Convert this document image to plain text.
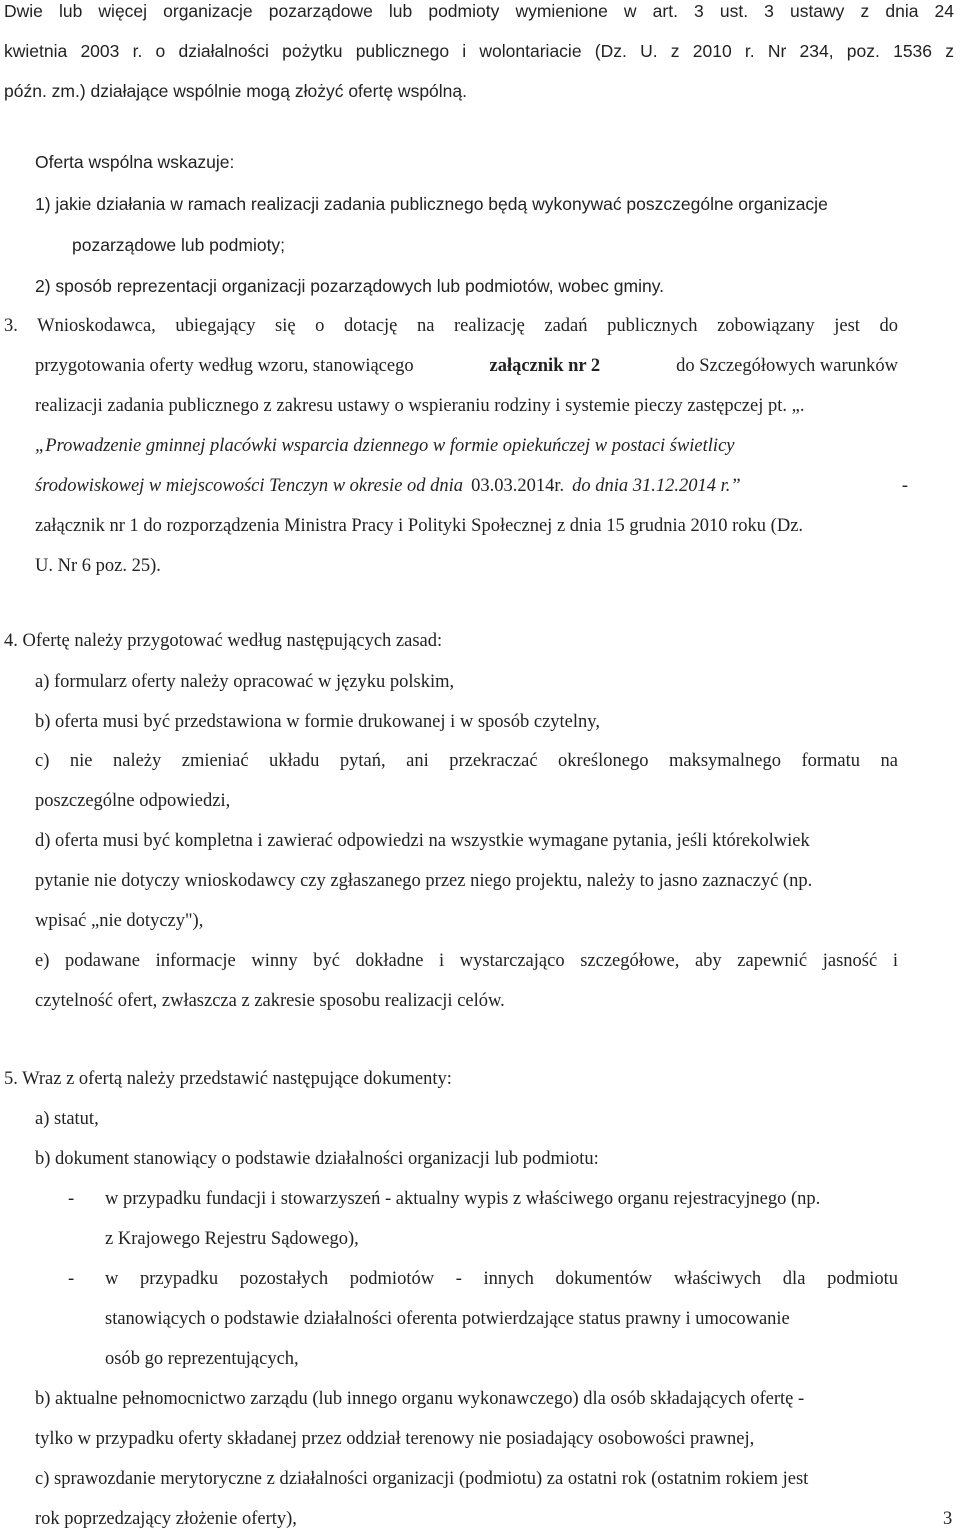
Dwie lub więcej organizacje pozarządowe lub podmioty wymienione w art. 3 ust. 3 ustawy z dnia 24
kwietnia 2003 r. o działalności pożytku publicznego i wolontariacie (Dz. U. z 2010 r. Nr 234, poz. 1536 z
późn. zm.) działające wspólnie mogą złożyć ofertę wspólną.
Oferta wspólna wskazuje:
1) jakie działania w ramach realizacji zadania publicznego będą wykonywać poszczególne organizacje
pozarządowe lub podmioty;
2) sposób reprezentacji organizacji pozarządowych lub podmiotów, wobec gminy.
3. Wnioskodawca, ubiegający się o dotację na realizację zadań publicznych zobowiązany jest do
przygotowania oferty według wzoru, stanowiącego	załącznik nr 2	do Szczegółowych warunków
realizacji zadania publicznego z zakresu ustawy o wspieraniu rodziny i systemie pieczy zastępczej pt. „.
„Prowadzenie gminnej placówki wsparcia dziennego w formie opiekuńczej w postaci świetlicy
środowiskowej w miejscowości Tenczyn w okresie od dnia 03.03.2014r. do dnia 31.12.2014 r.”	-
załącznik nr 1 do rozporządzenia Ministra Pracy i Polityki Społecznej z dnia 15 grudnia 2010 roku (Dz.
U. Nr 6 poz. 25).
4. Ofertę należy przygotować według następujących zasad:
a) formularz oferty należy opracować w języku polskim,
b) oferta musi być przedstawiona w formie drukowanej i w sposób czytelny,
c) nie należy zmieniać układu pytań, ani przekraczać określonego maksymalnego formatu na
poszczególne odpowiedzi,
d) oferta musi być kompletna i zawierać odpowiedzi na wszystkie wymagane pytania, jeśli którekolwiek
pytanie nie dotyczy wnioskodawcy czy zgłaszanego przez niego projektu, należy to jasno zaznaczyć (np.
wpisać „nie dotyczy"),
e) podawane informacje winny być dokładne i wystarczająco szczegółowe, aby zapewnić jasność i
czytelność ofert, zwłaszcza z zakresie sposobu realizacji celów.
5. Wraz z ofertą należy przedstawić następujące dokumenty:
a) statut,
b) dokument stanowiący o podstawie działalności organizacji lub podmiotu:
- w przypadku fundacji i stowarzyszeń - aktualny wypis z właściwego organu rejestracyjnego (np.
z Krajowego Rejestru Sądowego),
- w przypadku pozostałych podmiotów - innych dokumentów właściwych dla podmiotu
stanowiących o podstawie działalności oferenta potwierdzające status prawny i umocowanie
osób go reprezentujących,
b) aktualne pełnomocnictwo zarządu (lub innego organu wykonawczego) dla osób składających ofertę -
tylko w przypadku oferty składanej przez oddział terenowy nie posiadający osobowości prawnej,
c) sprawozdanie merytoryczne z działalności organizacji (podmiotu) za ostatni rok (ostatnim rokiem jest
rok poprzedzający złożenie oferty),	3
